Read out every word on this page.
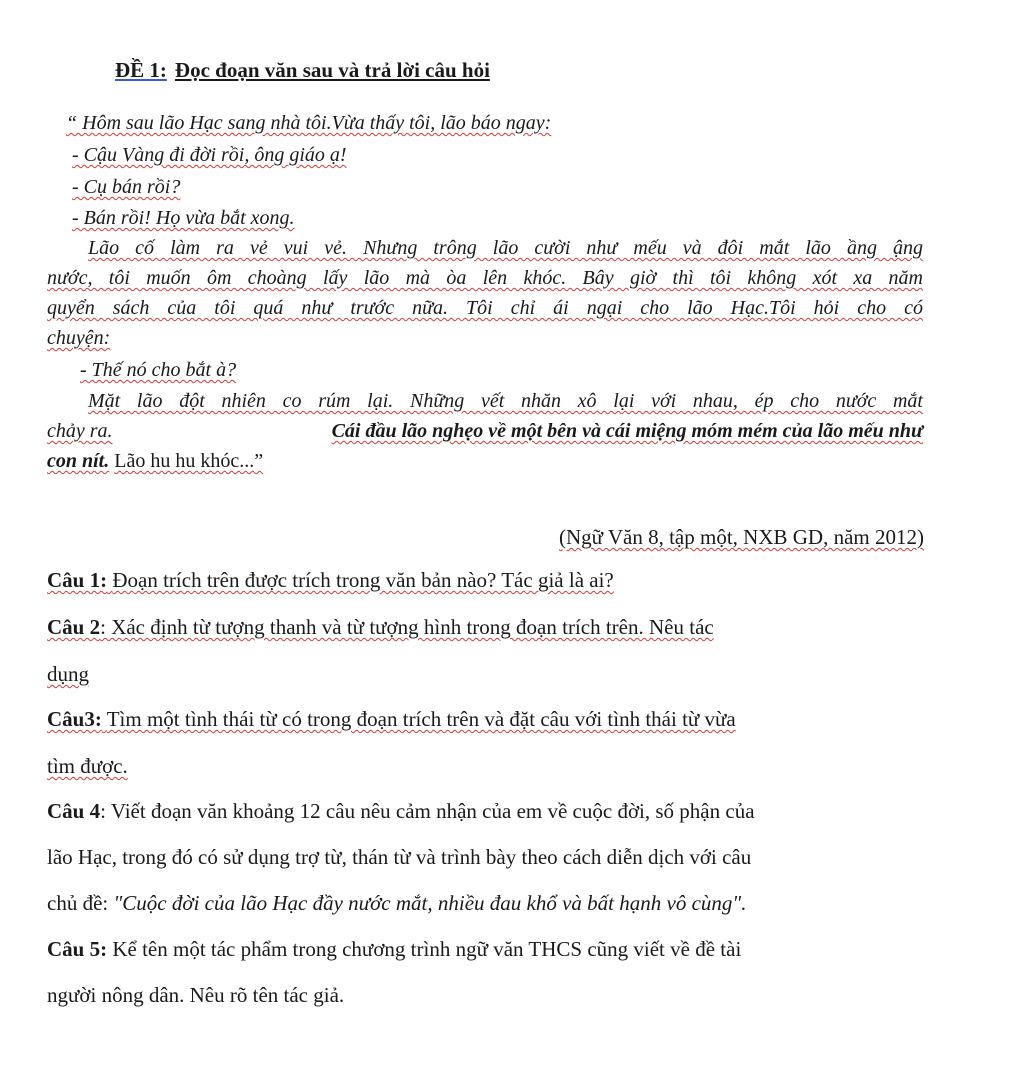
ĐỀ 1: Đọc đoạn văn sau và trả lời câu hỏi
“ Hôm sau lão Hạc sang nhà tôi.Vừa thấy tôi, lão báo ngay:
- Cậu Vàng đi đời rồi, ông giáo ạ!
- Cụ bán rồi?
- Bán rồi! Họ vừa bắt xong.
Lão cố làm ra vẻ vui vẻ. Nhưng trông lão cười như mếu và đôi mắt lão ầng ậng
nước, tôi muốn ôm choàng lấy lão mà òa lên khóc. Bây giờ thì tôi không xót xa năm
quyển sách của tôi quá như trước nữa. Tôi chỉ ái ngại cho lão Hạc.Tôi hỏi cho có
chuyện:
- Thế nó cho bắt à?
Mặt lão đột nhiên co rúm lại. Những vết nhăn xô lại với nhau, ép cho nước mắt
chảy ra.	Cái đầu lão nghẹo về một bên và cái miệng móm mém của lão mếu như
con nít. Lão hu hu khóc...”
(Ngữ Văn 8, tập một, NXB GD, năm 2012)
Câu 1: Đoạn trích trên được trích trong văn bản nào? Tác giả là ai?
Câu 2: Xác định từ tượng thanh và từ tượng hình trong đoạn trích trên. Nêu tác
dụng
Câu3: Tìm một tình thái từ có trong đoạn trích trên và đặt câu với tình thái từ vừa
tìm được.
Câu 4: Viết đoạn văn khoảng 12 câu nêu cảm nhận của em về cuộc đời, số phận của
lão Hạc, trong đó có sử dụng trợ từ, thán từ và trình bày theo cách diễn dịch với câu
chủ đề: "Cuộc đời của lão Hạc đầy nước mắt, nhiều đau khổ và bất hạnh vô cùng".
Câu 5: Kể tên một tác phẩm trong chương trình ngữ văn THCS cũng viết về đề tài
người nông dân. Nêu rõ tên tác giả.
